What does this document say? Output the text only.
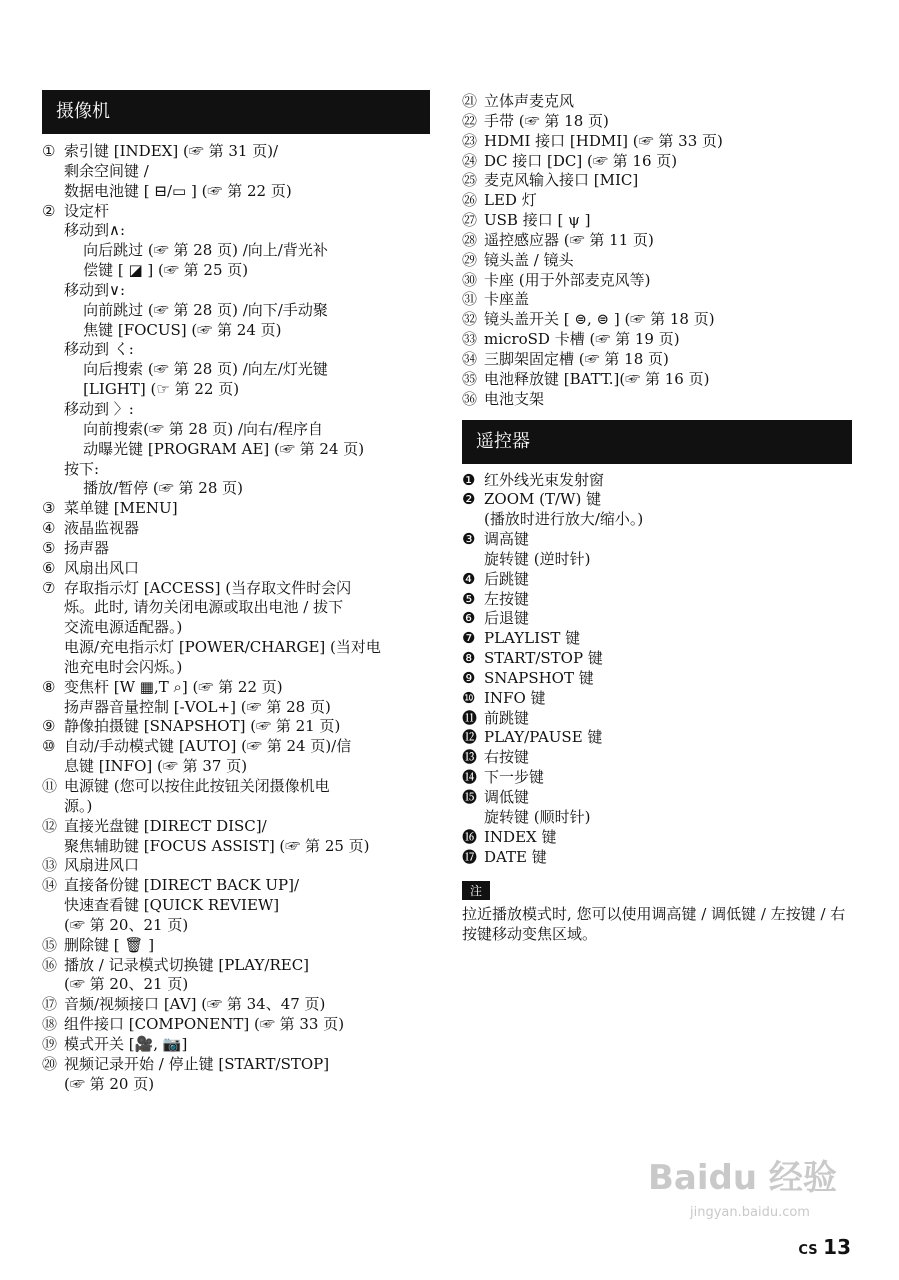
摄像机
① 索引键 [INDEX] (☞ 第 31 页)/
剩余空间键 /
数据电池键 [ ⊟/▭ ] (☞ 第 22 页)
② 设定杆
移动到∧:
向后跳过 (☞ 第 28 页) /向上/背光补
偿键 [ ◪ ] (☞ 第 25 页)
移动到∨:
向前跳过 (☞ 第 28 页) /向下/手动聚
焦键 [FOCUS] (☞ 第 24 页)
移动到 く:
向后搜索 (☞ 第 28 页) /向左/灯光键
[LIGHT] (☞ 第 22 页)
移动到 〉:
向前搜索(☞ 第 28 页) /向右/程序自
动曝光键 [PROGRAM AE] (☞ 第 24 页)
按下:
播放/暂停 (☞ 第 28 页)
③ 菜单键 [MENU]
④ 液晶监视器
⑤ 扬声器
⑥ 风扇出风口
⑦ 存取指示灯 [ACCESS] (当存取文件时会闪
烁。此时, 请勿关闭电源或取出电池 / 拔下
交流电源适配器。)
电源/充电指示灯 [POWER/CHARGE] (当对电
池充电时会闪烁。)
⑧ 变焦杆 [W ▦,T ⌕] (☞ 第 22 页)
扬声器音量控制 [-VOL+] (☞ 第 28 页)
⑨ 静像拍摄键 [SNAPSHOT] (☞ 第 21 页)
⑩ 自动/手动模式键 [AUTO] (☞ 第 24 页)/信
息键 [INFO] (☞ 第 37 页)
⑪ 电源键 (您可以按住此按钮关闭摄像机电
源。)
⑫ 直接光盘键 [DIRECT DISC]/
聚焦辅助键 [FOCUS ASSIST] (☞ 第 25 页)
⑬ 风扇进风口
⑭ 直接备份键 [DIRECT BACK UP]/
快速查看键 [QUICK REVIEW]
(☞ 第 20、21 页)
⑮ 删除键 [ 🗑 ]
⑯ 播放 / 记录模式切换键 [PLAY/REC]
(☞ 第 20、21 页)
⑰ 音频/视频接口 [AV] (☞ 第 34、47 页)
⑱ 组件接口 [COMPONENT] (☞ 第 33 页)
⑲ 模式开关 [🎥, 📷]
⑳ 视频记录开始 / 停止键 [START/STOP]
(☞ 第 20 页)
㉑ 立体声麦克风
㉒ 手带 (☞ 第 18 页)
㉓ HDMI 接口 [HDMI] (☞ 第 33 页)
㉔ DC 接口 [DC] (☞ 第 16 页)
㉕ 麦克风输入接口 [MIC]
㉖ LED 灯
㉗ USB 接口 [ ψ ]
㉘ 遥控感应器 (☞ 第 11 页)
㉙ 镜头盖 / 镜头
㉚ 卡座 (用于外部麦克风等)
㉛ 卡座盖
㉜ 镜头盖开关 [ ⊜, ⊜ ] (☞ 第 18 页)
㉝ microSD 卡槽 (☞ 第 19 页)
㉞ 三脚架固定槽 (☞ 第 18 页)
㉟ 电池释放键 [BATT.](☞ 第 16 页)
㊱ 电池支架
遥控器
❶ 红外线光束发射窗
❷ ZOOM (T/W) 键
(播放时进行放大/缩小。)
❸ 调高键
旋转键 (逆时针)
❹ 后跳键
❺ 左按键
❻ 后退键
❼ PLAYLIST 键
❽ START/STOP 键
❾ SNAPSHOT 键
❿ INFO 键
⓫ 前跳键
⓬ PLAY/PAUSE 键
⓭ 右按键
⓮ 下一步键
⓯ 调低键
旋转键 (顺时针)
⓰ INDEX 键
⓱ DATE 键
注
拉近播放模式时, 您可以使用调高键 / 调低键 / 左按键 / 右按键移动变焦区域。
Baidu 经验
jingyan.baidu.com
CS 13
